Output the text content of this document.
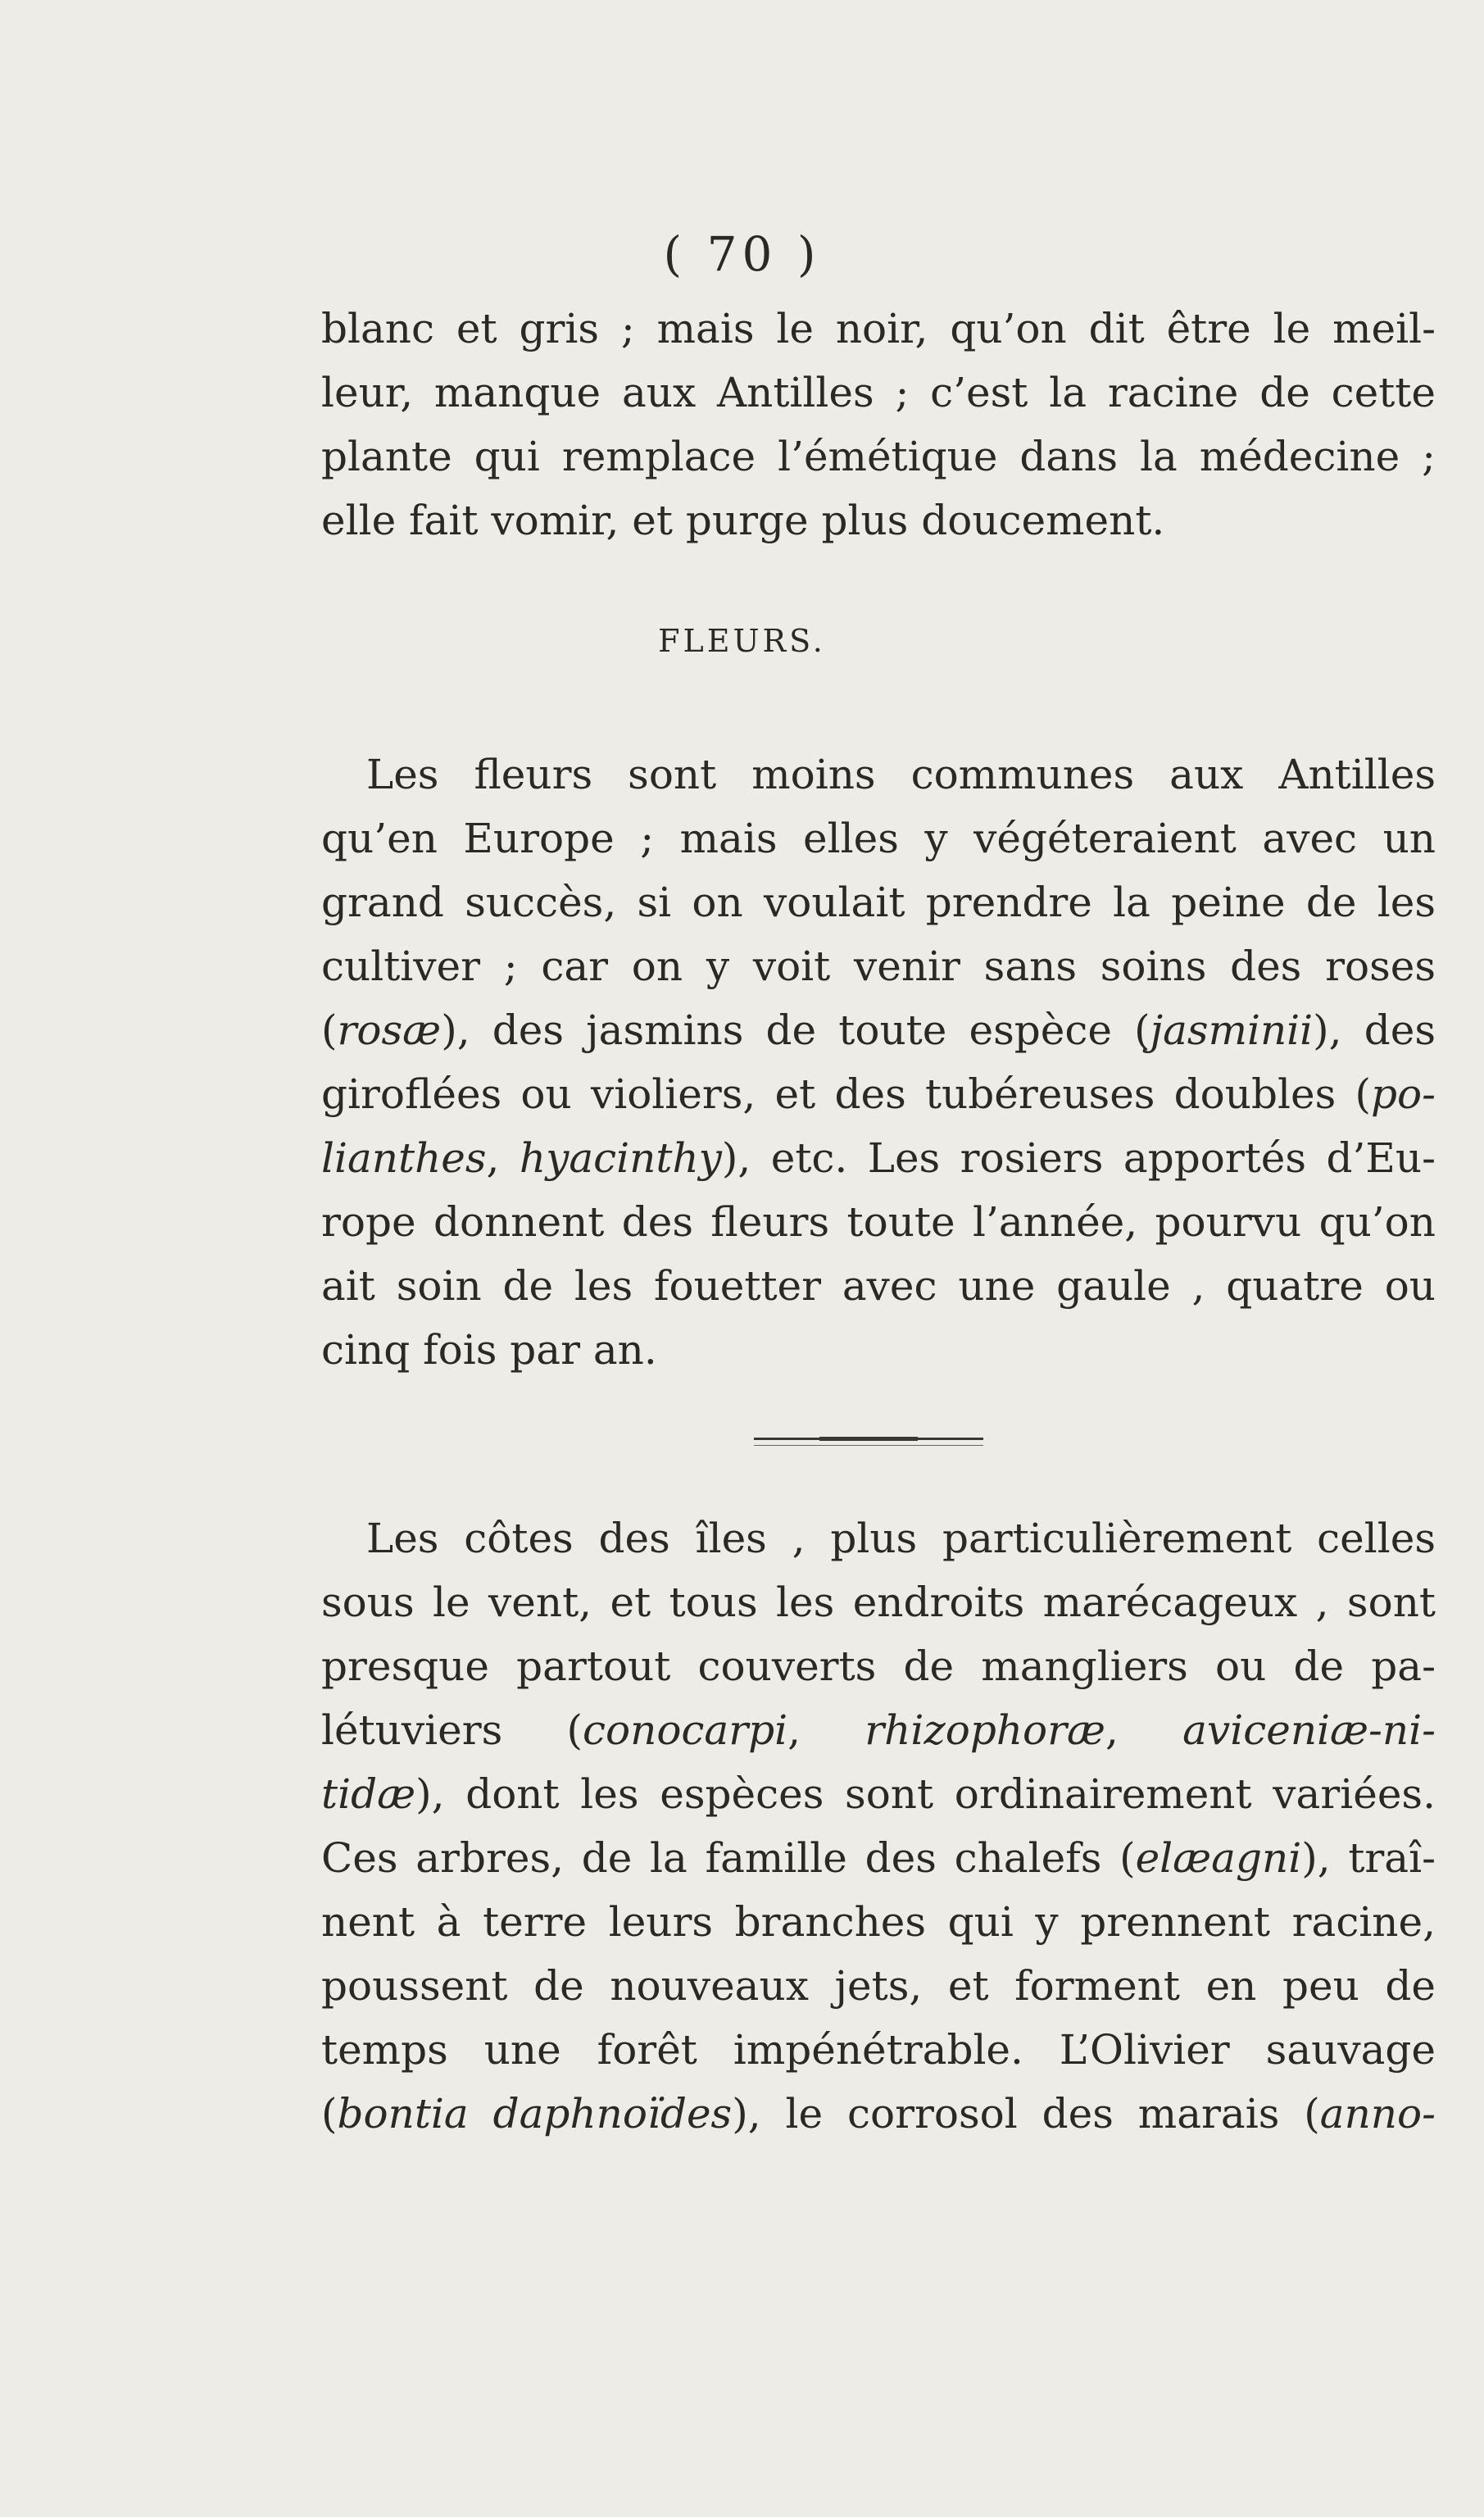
( 70 )
blanc et gris ; mais le noir, qu’on dit être le meil-
leur, manque aux Antilles ; c’est la racine de cette
plante qui remplace l’émétique dans la médecine ;
elle fait vomir, et purge plus doucement.
FLEURS.
Les fleurs sont moins communes aux Antilles
qu’en Europe ; mais elles y végéteraient avec un
grand succès, si on voulait prendre la peine de les
cultiver ; car on y voit venir sans soins des roses
(rosæ), des jasmins de toute espèce (jasminii), des
giroflées ou violiers, et des tubéreuses doubles (po-
lianthes, hyacinthy), etc. Les rosiers apportés d’Eu-
rope donnent des fleurs toute l’année, pourvu qu’on
ait soin de les fouetter avec une gaule , quatre ou
cinq fois par an.
Les côtes des îles , plus particulièrement celles
sous le vent, et tous les endroits marécageux , sont
presque partout couverts de mangliers ou de pa-
létuviers (conocarpi, rhizophoræ, aviceniæ-ni-
tidæ), dont les espèces sont ordinairement variées.
Ces arbres, de la famille des chalefs (elæagni), traî-
nent à terre leurs branches qui y prennent racine,
poussent de nouveaux jets, et forment en peu de
temps une forêt impénétrable. L’Olivier sauvage
(bontia daphnoïdes), le corrosol des marais (anno-
